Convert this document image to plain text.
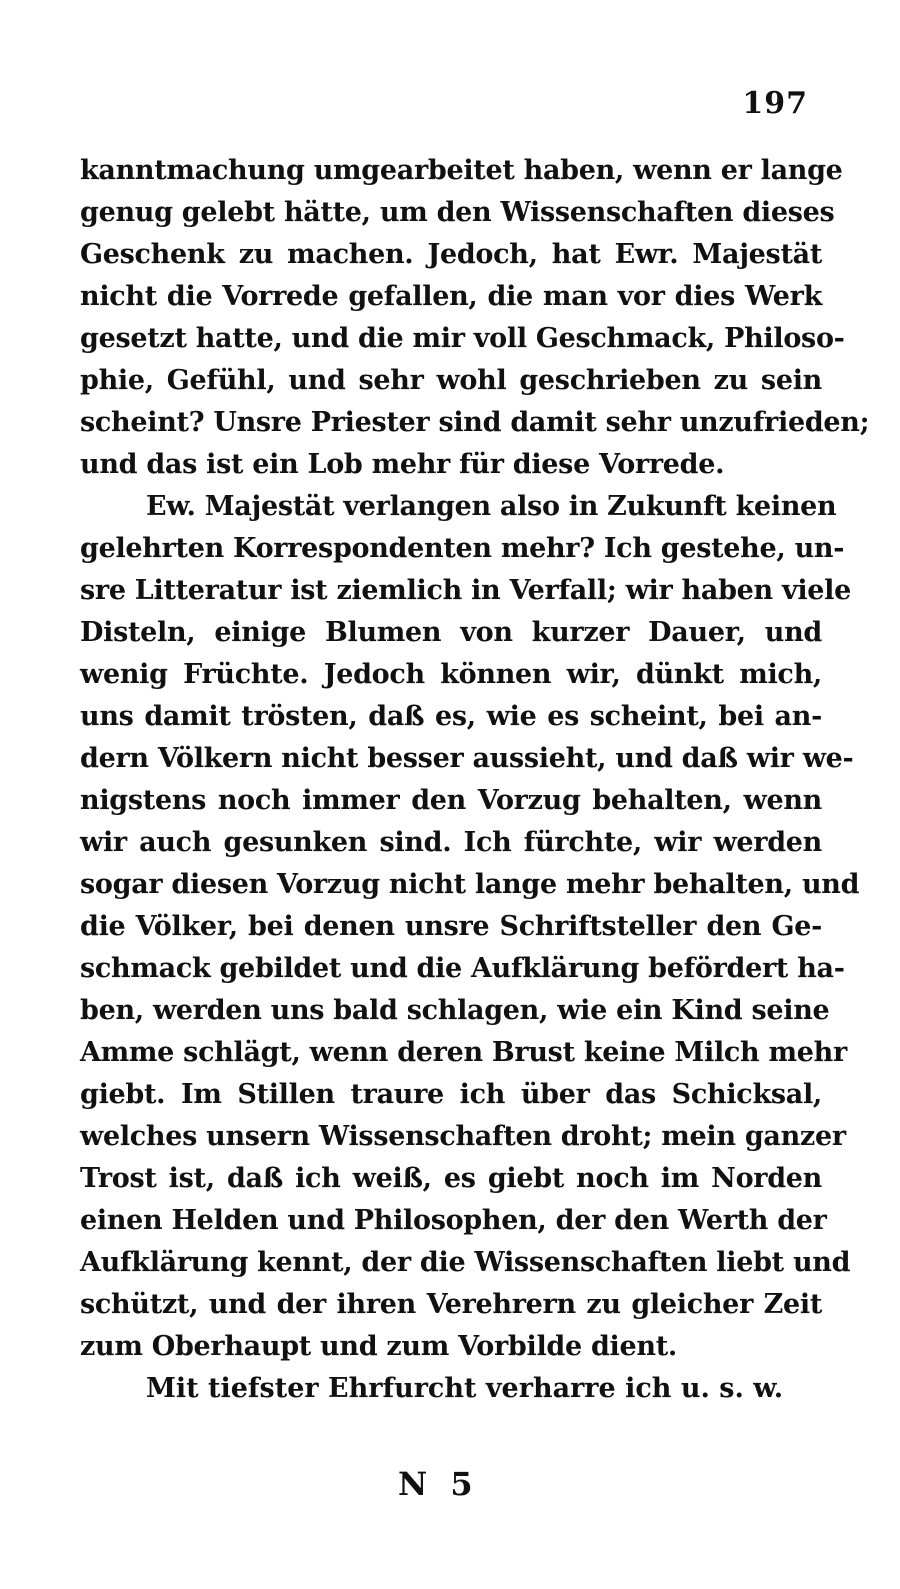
197
kanntmachung umgearbeitet haben, wenn er lange
genug gelebt hätte, um den Wissenschaften dieses
Geschenk zu machen. Jedoch, hat Ewr. Majestät
nicht die Vorrede gefallen, die man vor dies Werk
gesetzt hatte, und die mir voll Geschmack, Philoso-
phie, Gefühl, und sehr wohl geschrieben zu sein
scheint? Unsre Priester sind damit sehr unzufrieden;
und das ist ein Lob mehr für diese Vorrede.
Ew. Majestät verlangen also in Zukunft keinen
gelehrten Korrespondenten mehr? Ich gestehe, un-
sre Litteratur ist ziemlich in Verfall; wir haben viele
Disteln, einige Blumen von kurzer Dauer, und
wenig Früchte. Jedoch können wir, dünkt mich,
uns damit trösten, daß es, wie es scheint, bei an-
dern Völkern nicht besser aussieht, und daß wir we-
nigstens noch immer den Vorzug behalten, wenn
wir auch gesunken sind. Ich fürchte, wir werden
sogar diesen Vorzug nicht lange mehr behalten, und
die Völker, bei denen unsre Schriftsteller den Ge-
schmack gebildet und die Aufklärung befördert ha-
ben, werden uns bald schlagen, wie ein Kind seine
Amme schlägt, wenn deren Brust keine Milch mehr
giebt. Im Stillen traure ich über das Schicksal,
welches unsern Wissenschaften droht; mein ganzer
Trost ist, daß ich weiß, es giebt noch im Norden
einen Helden und Philosophen, der den Werth der
Aufklärung kennt, der die Wissenschaften liebt und
schützt, und der ihren Verehrern zu gleicher Zeit
zum Oberhaupt und zum Vorbilde dient.
Mit tiefster Ehrfurcht verharre ich u. s. w.
N 5
